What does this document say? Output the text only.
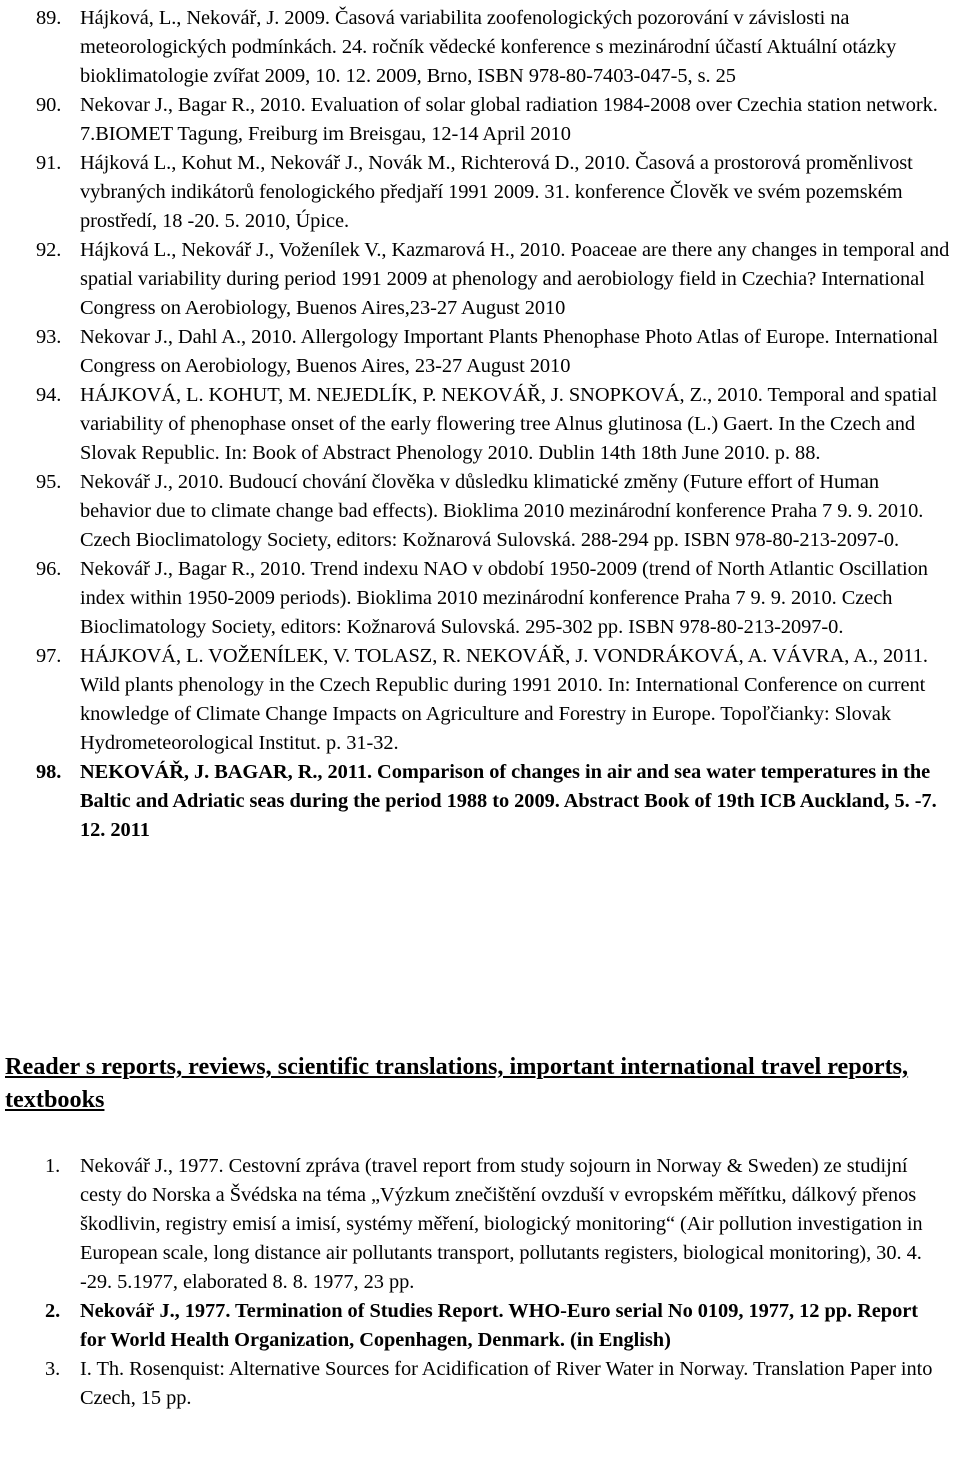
89. Hájková, L., Nekovář, J. 2009. Časová variabilita zoofenologických pozorování v závislosti na meteorologických podmínkách. 24. ročník vědecké konference s mezinárodní účastí Aktuální otázky bioklimatologie zvířat 2009, 10. 12. 2009, Brno, ISBN 978-80-7403-047-5, s. 25
90. Nekovar J., Bagar R., 2010. Evaluation of solar global radiation 1984-2008 over Czechia station network. 7.BIOMET Tagung, Freiburg im Breisgau, 12-14 April 2010
91. Hájková L., Kohut M., Nekovář J., Novák M., Richterová D., 2010. Časová a prostorová proměnlivost vybraných indikátorů fenologického předjaří 1991 2009. 31. konference Člověk ve svém pozemském prostředí, 18 -20. 5. 2010, Úpice.
92. Hájková L., Nekovář J., Voženílek V., Kazmarová H., 2010. Poaceae are there any changes in temporal and spatial variability during period 1991 2009 at phenology and aerobiology field in Czechia? International Congress on Aerobiology, Buenos Aires,23-27 August 2010
93. Nekovar J., Dahl A., 2010. Allergology Important Plants Phenophase Photo Atlas of Europe. International Congress on Aerobiology, Buenos Aires, 23-27 August 2010
94. HÁJKOVÁ, L. KOHUT, M. NEJEDLÍK, P. NEKOVÁŘ, J. SNOPKOVÁ, Z., 2010. Temporal and spatial variability of phenophase onset of the early flowering tree Alnus glutinosa (L.) Gaert. In the Czech and Slovak Republic. In: Book of Abstract Phenology 2010. Dublin 14th 18th June 2010. p. 88.
95. Nekovář J., 2010. Budoucí chování člověka v důsledku klimatické změny (Future effort of Human behavior due to climate change bad effects). Bioklima 2010 mezinárodní konference Praha 7 9. 9. 2010. Czech Bioclimatology Society, editors: Kožnarová Sulovská. 288-294 pp. ISBN 978-80-213-2097-0.
96. Nekovář J., Bagar R., 2010. Trend indexu NAO v období 1950-2009 (trend of North Atlantic Oscillation index within 1950-2009 periods). Bioklima 2010 mezinárodní konference Praha 7 9. 9. 2010. Czech Bioclimatology Society, editors: Kožnarová Sulovská. 295-302 pp. ISBN 978-80-213-2097-0.
97. HÁJKOVÁ, L. VOŽENÍLEK, V. TOLASZ, R. NEKOVÁŘ, J. VONDRÁKOVÁ, A. VÁVRA, A., 2011. Wild plants phenology in the Czech Republic during 1991 2010. In: International Conference on current knowledge of Climate Change Impacts on Agriculture and Forestry in Europe. Topoľčianky: Slovak Hydrometeorological Institut. p. 31-32.
98. NEKOVÁŘ, J. BAGAR, R., 2011. Comparison of changes in air and sea water temperatures in the Baltic and Adriatic seas during the period 1988 to 2009. Abstract Book of 19th ICB Auckland, 5. -7. 12. 2011
Reader s reports, reviews, scientific translations, important international travel reports, textbooks
1. Nekovář J., 1977. Cestovní zpráva (travel report from study sojourn in Norway & Sweden) ze studijní cesty do Norska a Švédska na téma „Výzkum znečištění ovzduší v evropském měřítku, dálkový přenos škodlivin, registry emisí a imisí, systémy měření, biologický monitoring“ (Air pollution investigation in European scale, long distance air pollutants transport, pollutants registers, biological monitoring), 30. 4. -29. 5.1977, elaborated 8. 8. 1977, 23 pp.
2. Nekovář J., 1977. Termination of Studies Report. WHO-Euro serial No 0109, 1977, 12 pp. Report for World Health Organization, Copenhagen, Denmark. (in English)
3. I. Th. Rosenquist: Alternative Sources for Acidification of River Water in Norway. Translation Paper into Czech, 15 pp.
